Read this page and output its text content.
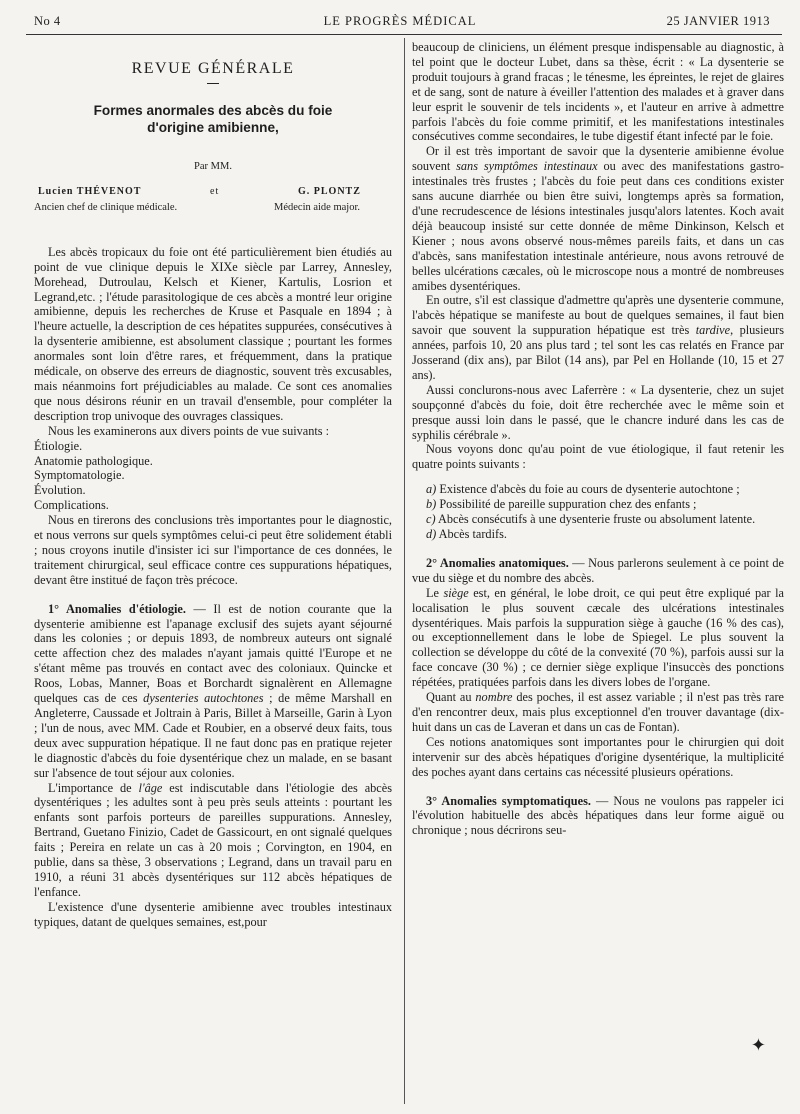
No 4	LE PROGRÈS MÉDICAL	25 JANVIER 1913
REVUE GÉNÉRALE
Formes anormales des abcès du foie
d'origine amibienne,
Par MM.
Lucien THÉVENOT	et	G. PLONTZ
Ancien chef de clinique médicale.	Médecin aide major.

Les abcès tropicaux du foie ont été particulièrement bien étudiés au point de vue clinique depuis le XIXe siècle par Larrey, Annesley, Morehead, Dutroulau, Kelsch et Kiener, Kartulis, Losrion et Legrand,etc. ; l'étude parasitologique de ces abcès a montré leur origine amibienne, depuis les recherches de Kruse et Pasquale en 1894 ; à l'heure actuelle, la description de ces hépatites suppurées, consécutives à la dysenterie amibienne, est absolument classique ; pourtant les formes anormales sont loin d'être rares, et fréquemment, dans la pratique médicale, on observe des erreurs de diagnostic, souvent très excusables, mais néanmoins fort préjudiciables au malade. Ce sont ces anomalies que nous désirons réunir en un travail d'ensemble, pour compléter la description trop univoque des ouvrages classiques.

Nous les examinerons aux divers points de vue suivants :

Étiologie.

Anatomie pathologique.

Symptomatologie.

Évolution.

Complications.

Nous en tirerons des conclusions très importantes pour le diagnostic, et nous verrons sur quels symptômes celui-ci peut être solidement établi ; nous croyons inutile d'insister ici sur l'importance de ces données, le traitement chirurgical, seul efficace contre ces suppurations hépatiques, devant être institué de façon très précoce.

1° Anomalies d'étiologie. — Il est de notion courante que la dysenterie amibienne est l'apanage exclusif des sujets ayant séjourné dans les colonies ; or depuis 1893, de nombreux auteurs ont signalé cette affection chez des malades n'ayant jamais quitté l'Europe et ne s'étant même pas trouvés en contact avec des coloniaux. Quincke et Roos, Lobas, Manner, Boas et Borchardt signalèrent en Allemagne quelques cas de ces dysenteries autochtones ; de même Marshall en Angleterre, Caussade et Joltrain à Paris, Billet à Marseille, Garin à Lyon ; l'un de nous, avec MM. Cade et Roubier, en a observé deux faits, tous deux avec suppuration hépatique. Il ne faut donc pas en pratique rejeter le diagnostic d'abcès du foie dysentérique chez un malade, en se basant sur l'absence de tout séjour aux colonies.

L'importance de l'âge est indiscutable dans l'étiologie des abcès dysentériques ; les adultes sont à peu près seuls atteints : pourtant les enfants sont parfois porteurs de pareilles suppurations. Annesley, Bertrand, Guetano Finizio, Cadet de Gassicourt, en ont signalé quelques faits ; Pereira en relate un cas à 20 mois ; Corvington, en 1904, en publie, dans sa thèse, 3 observations ; Legrand, dans un travail paru en 1910, a réuni 31 abcès dysentériques sur 112 abcès hépatiques de l'enfance.

L'existence d'une dysenterie amibienne avec troubles intestinaux typiques, datant de quelques semaines, est,pour

beaucoup de cliniciens, un élément presque indispensable au diagnostic, à tel point que le docteur Lubet, dans sa thèse, écrit : « La dysenterie se produit toujours à grand fracas ; le ténesme, les épreintes, le rejet de glaires et de sang, sont de nature à éveiller l'attention des malades et à graver dans leur esprit le souvenir de tels incidents », et l'auteur en arrive à admettre parfois l'abcès du foie comme primitif, et les manifestations intestinales consécutives comme secondaires, le tube digestif étant infecté par le foie.

Or il est très important de savoir que la dysenterie amibienne évolue souvent sans symptômes intestinaux ou avec des manifestations gastro-intestinales très frustes ; l'abcès du foie peut dans ces conditions exister sans aucune diarrhée ou bien être suivi, longtemps après sa formation, d'une recrudescence de lésions intestinales jusqu'alors latentes. Koch avait déjà beaucoup insisté sur cette donnée de même Dinkinson, Kelsch et Kiener ; nous avons observé nous-mêmes pareils faits, et dans un cas d'abcès, sans manifestation intestinale antérieure, nous avons retrouvé de belles ulcérations cæcales, où le microscope nous a montré de nombreuses amibes dysentériques.

En outre, s'il est classique d'admettre qu'après une dysenterie commune, l'abcès hépatique se manifeste au bout de quelques semaines, il faut bien savoir que souvent la suppuration hépatique est très tardive, plusieurs années, parfois 10, 20 ans plus tard ; tel sont les cas relatés en France par Josserand (dix ans), par Bilot (14 ans), par Pel en Hollande (10, 15 et 27 ans).

Aussi conclurons-nous avec Laferrère : « La dysenterie, chez un sujet soupçonné d'abcès du foie, doit être recherchée avec le même soin et presque aussi loin dans le passé, que le chancre induré dans les cas de syphilis cérébrale ».

Nous voyons donc qu'au point de vue étiologique, il faut retenir les quatre points suivants :

a) Existence d'abcès du foie au cours de dysenterie autochtone ;

b) Possibilité de pareille suppuration chez des enfants ;

c) Abcès consécutifs à une dysenterie fruste ou absolument latente.

d) Abcès tardifs.

2° Anomalies anatomiques. — Nous parlerons seulement à ce point de vue du siège et du nombre des abcès.

Le siège est, en général, le lobe droit, ce qui peut être expliqué par la localisation le plus souvent cæcale des ulcérations intestinales dysentériques. Mais parfois la suppuration siège à gauche (16 % des cas), ou exceptionnellement dans le lobe de Spiegel. Le plus souvent la collection se développe du côté de la convexité (70 %), parfois aussi sur la face concave (30 %) ; ce dernier siège explique l'insuccès des ponctions répétées, pratiquées parfois dans les divers lobes de l'organe.

Quant au nombre des poches, il est assez variable ; il n'est pas très rare d'en rencontrer deux, mais plus exceptionnel d'en trouver davantage (dix-huit dans un cas de Laveran et dans un cas de Fontan).

Ces notions anatomiques sont importantes pour le chirurgien qui doit intervenir sur des abcès hépatiques d'origine dysentérique, la multiplicité des poches ayant dans certains cas nécessité plusieurs opérations.

3° Anomalies symptomatiques. — Nous ne voulons pas rappeler ici l'évolution habituelle des abcès hépatiques dans leur forme aiguë ou chronique ; nous décrirons seu-

✦
